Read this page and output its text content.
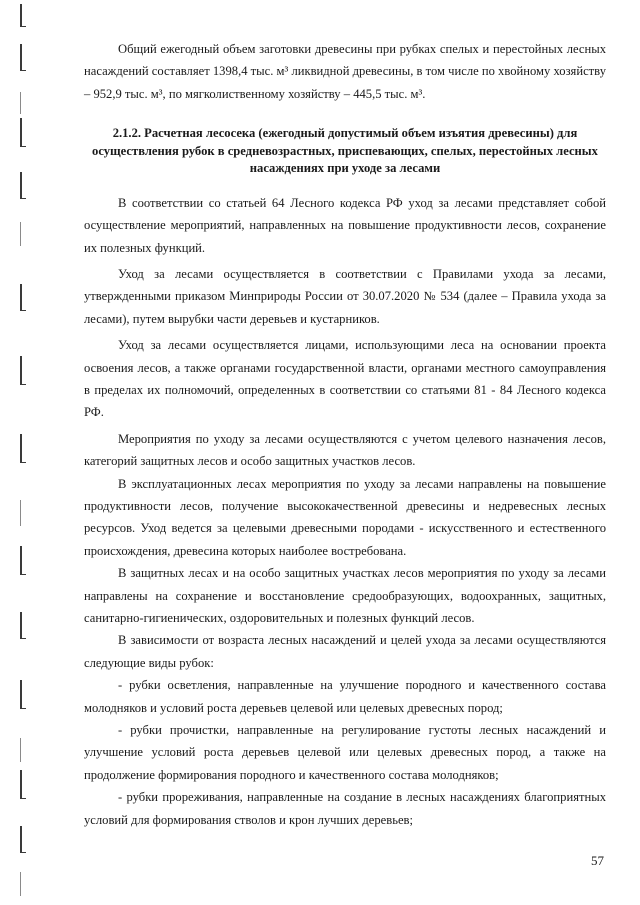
Общий ежегодный объем заготовки древесины при рубках спелых и перестойных лесных насаждений составляет 1398,4 тыс. м³ ликвидной древесины, в том числе по хвойному хозяйству – 952,9 тыс. м³, по мягколиственному хозяйству – 445,5 тыс. м³.

2.1.2. Расчетная лесосека (ежегодный допустимый объем изъятия древесины) для осуществления рубок в средневозрастных, приспевающих, спелых, перестойных лесных насаждениях при уходе за лесами

В соответствии со статьей 64 Лесного кодекса РФ уход за лесами представляет собой осуществление мероприятий, направленных на повышение продуктивности лесов, сохранение их полезных функций.

Уход за лесами осуществляется в соответствии с Правилами ухода за лесами, утвержденными приказом Минприроды России от 30.07.2020 № 534 (далее – Правила ухода за лесами), путем вырубки части деревьев и кустарников.

Уход за лесами осуществляется лицами, использующими леса на основании проекта освоения лесов, а также органами государственной власти, органами местного самоуправления в пределах их полномочий, определенных в соответствии со статьями 81 - 84 Лесного кодекса РФ.

Мероприятия по уходу за лесами осуществляются с учетом целевого назначения лесов, категорий защитных лесов и особо защитных участков лесов.

В эксплуатационных лесах мероприятия по уходу за лесами направлены на повышение продуктивности лесов, получение высококачественной древесины и недревесных лесных ресурсов. Уход ведется за целевыми древесными породами - искусственного и естественного происхождения, древесина которых наиболее востребована.

В защитных лесах и на особо защитных участках лесов мероприятия по уходу за лесами направлены на сохранение и восстановление средообразующих, водоохранных, защитных, санитарно-гигиенических, оздоровительных и полезных функций лесов.

В зависимости от возраста лесных насаждений и целей ухода за лесами осуществляются следующие виды рубок:

- рубки осветления, направленные на улучшение породного и качественного состава молодняков и условий роста деревьев целевой или целевых древесных пород;

- рубки прочистки, направленные на регулирование густоты лесных насаждений и улучшение условий роста деревьев целевой или целевых древесных пород, а также на продолжение формирования породного и качественного состава молодняков;

- рубки прореживания, направленные на создание в лесных насаждениях благоприятных условий для формирования стволов и крон лучших деревьев;

57
